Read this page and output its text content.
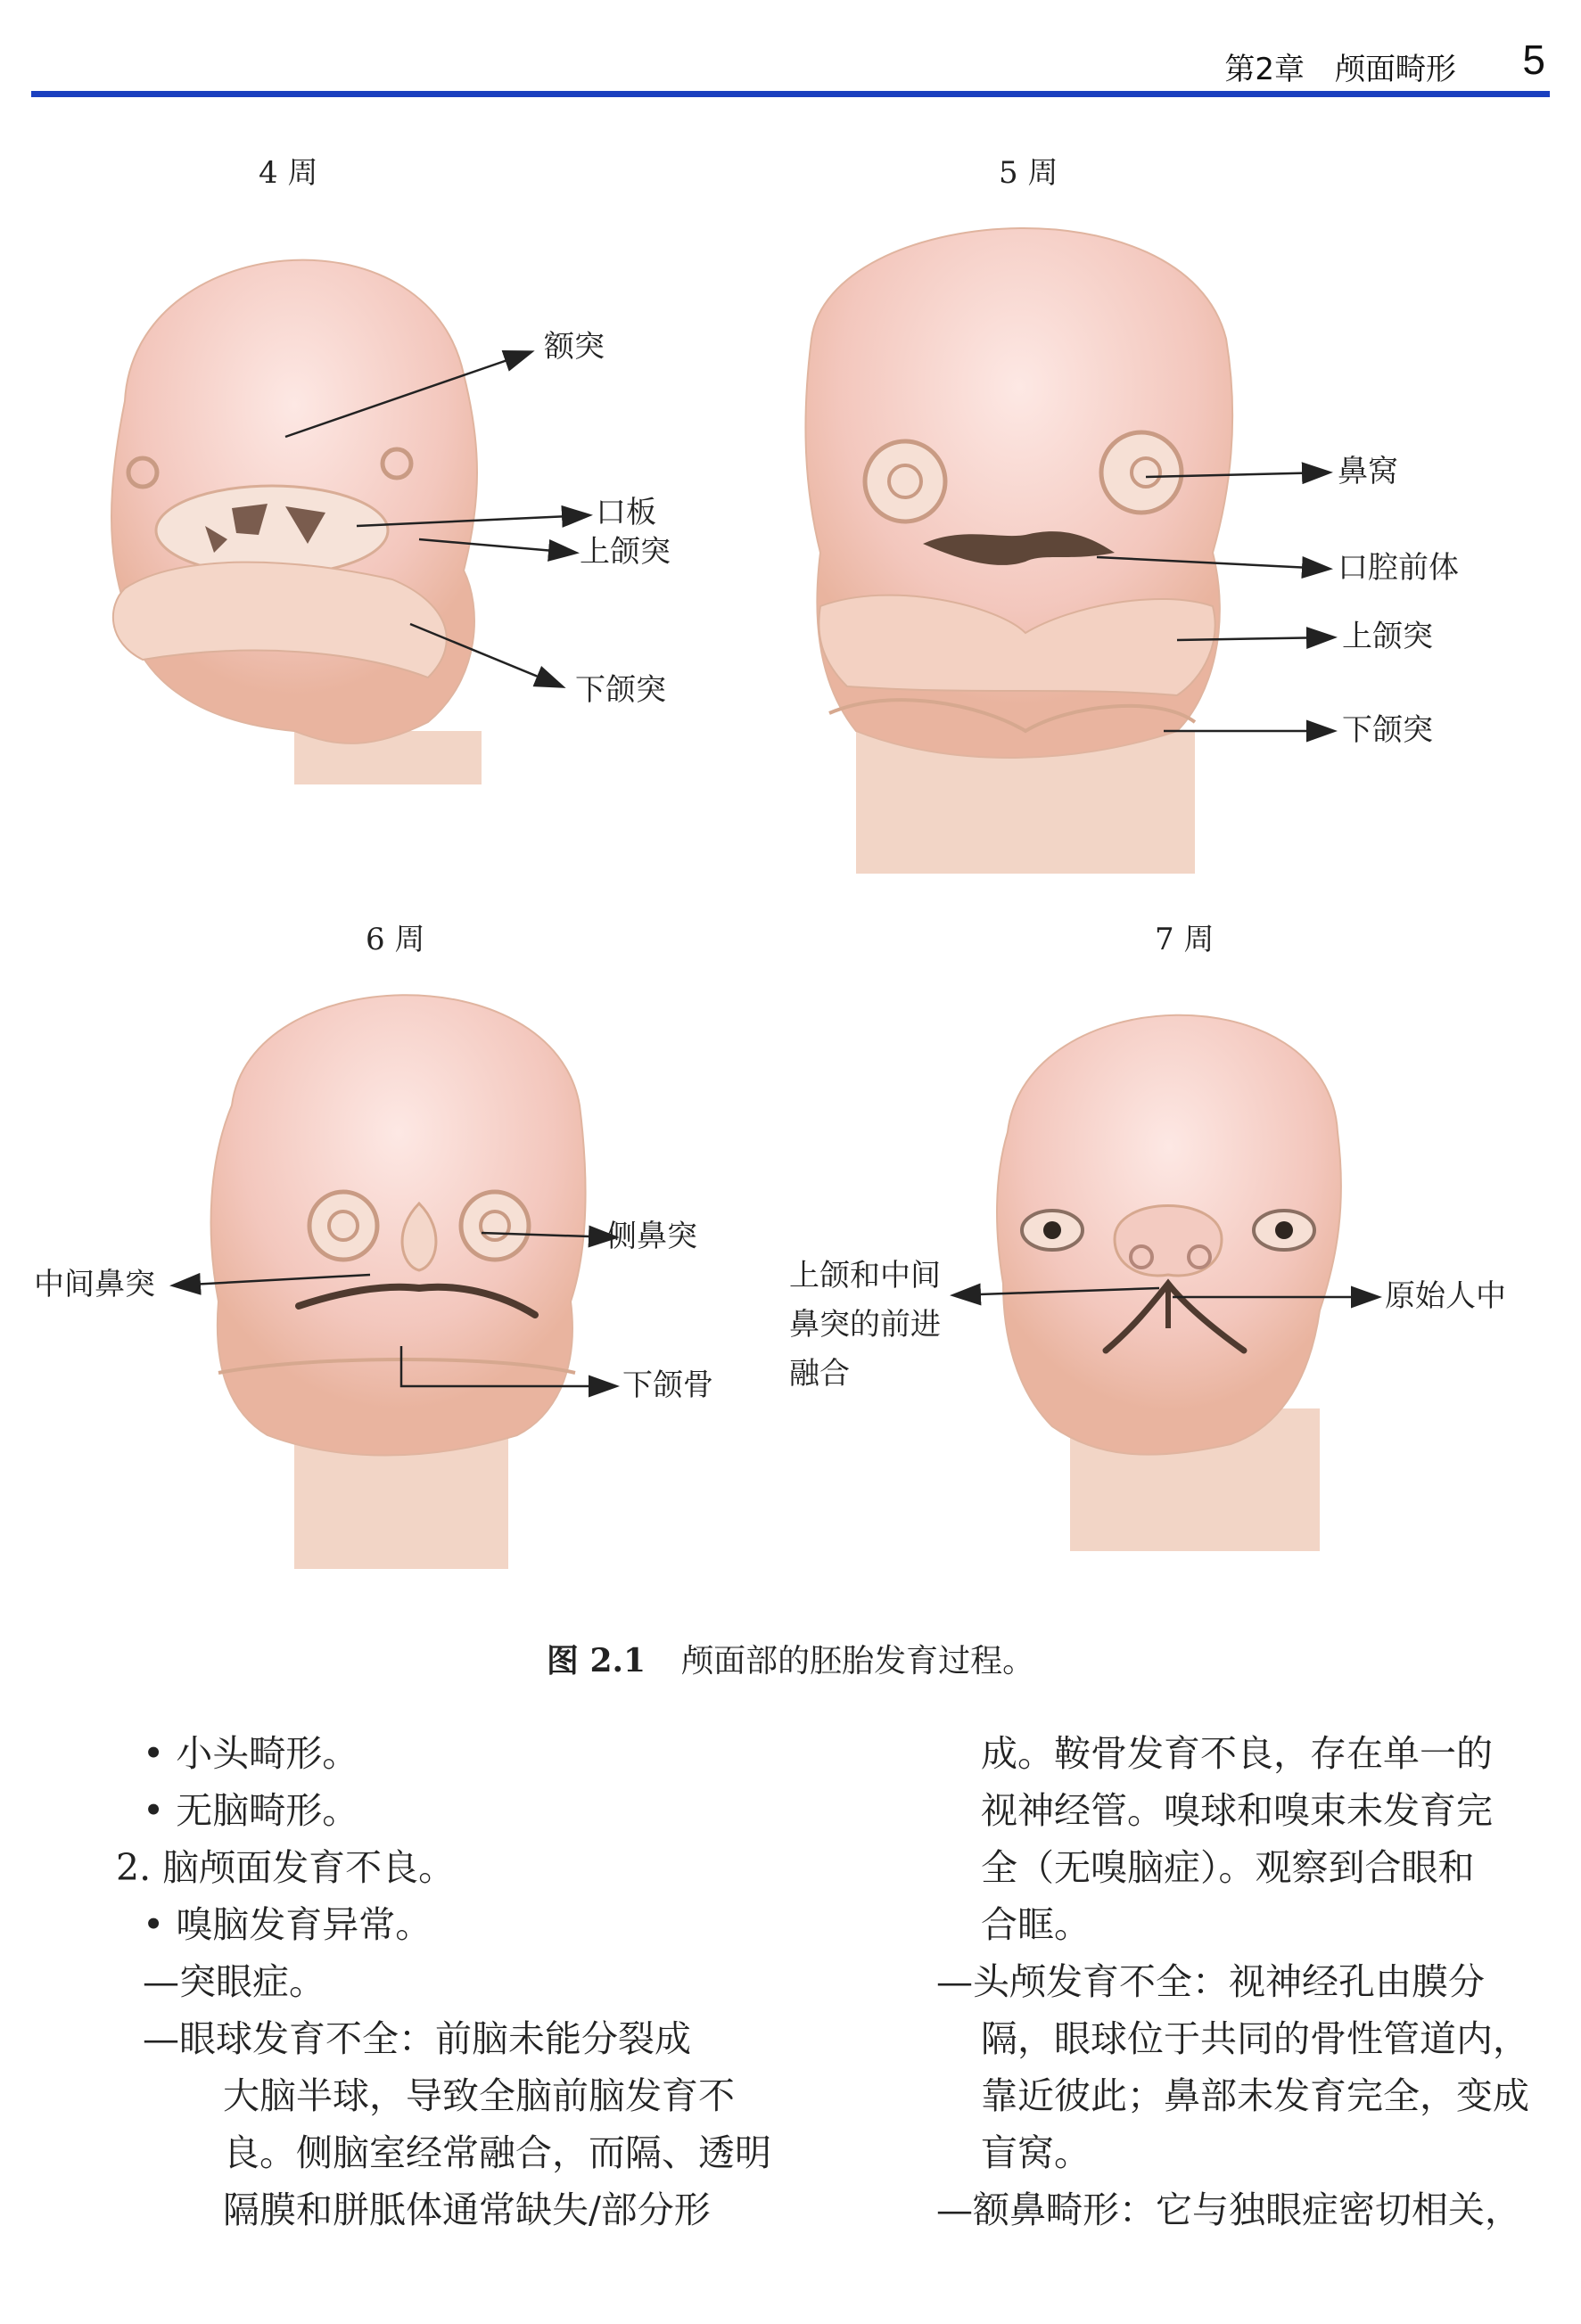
第2章　颅面畸形 5
4 周	5 周
6 周	7 周
额突
口板
上颌突
下颌突
鼻窝
口腔前体
上颌突
下颌突
侧鼻突
中间鼻突
下颌骨
上颌和中间
鼻突的前进
融合
原始人中
图 2.1 颅面部的胚胎发育过程。
• 小头畸形。
• 无脑畸形。
2. 脑颅面发育不良。
• 嗅脑发育异常。
—突眼症。
—眼球发育不全：前脑未能分裂成
大脑半球，导致全脑前脑发育不
良。侧脑室经常融合，而隔、透明
隔膜和胼胝体通常缺失/部分形
成。鞍骨发育不良，存在单一的
视神经管。嗅球和嗅束未发育完
全（无嗅脑症）。观察到合眼和
合眶。
—头颅发育不全：视神经孔由膜分
隔，眼球位于共同的骨性管道内，
靠近彼此；鼻部未发育完全，变成
盲窝。
—额鼻畸形：它与独眼症密切相关，
